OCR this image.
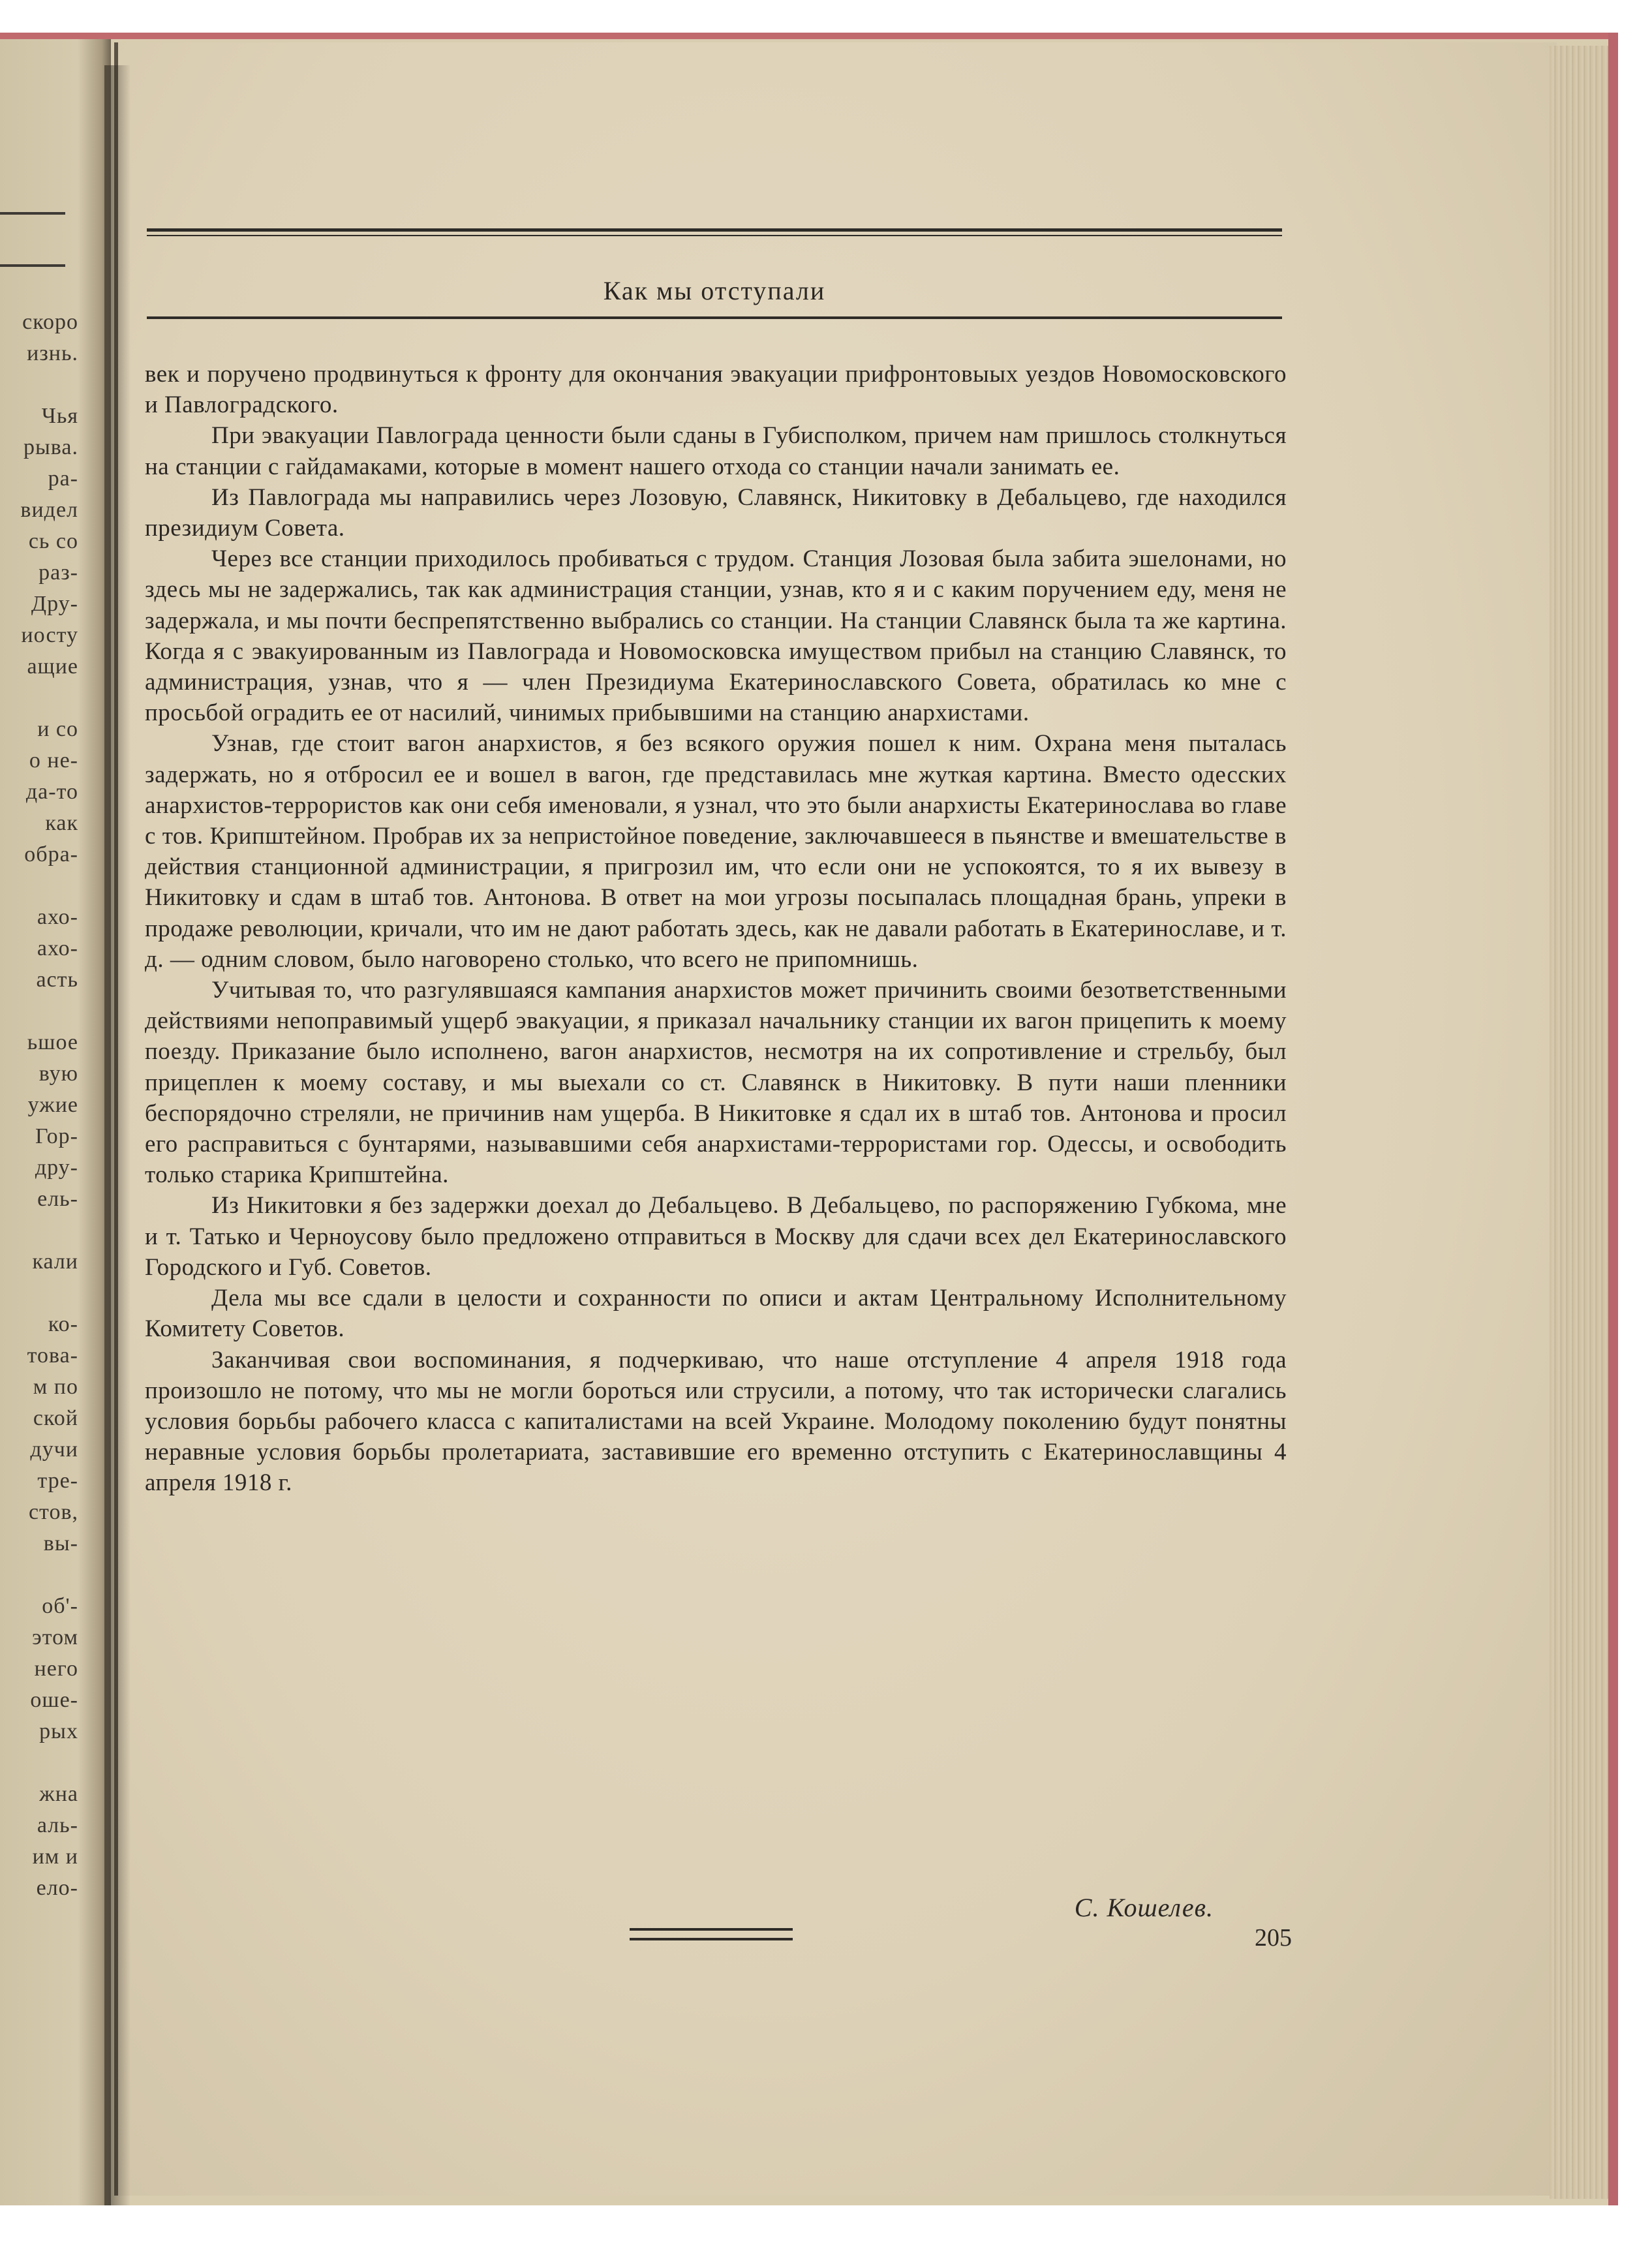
скоро
изнь.
Чья
рыва.
ра-
видел
сь со
раз-
Дру-
иосту
ащие
и со
о не-
да-то
как
обра-
ахо-
ахо-
асть
ьшое
вую
ужие
Гор-
дру-
ель-
кали
ко-
това-
м по
ской
дучи
тре-
стов,
вы-
об'-
этом
него
оше-
рых
жна
аль-
им и
ело-
Как мы отступали

век и поручено продвинуться к фронту для окончания эвакуации прифронтовыых уездов Новомосковского и Павлоградского.

При эвакуации Павлограда ценности были сданы в Губисполком, причем нам пришлось столкнуться на станции с гайдамаками, которые в момент нашего отхода со станции начали занимать ее.

Из Павлограда мы направились через Лозовую, Славянск, Никитовку в Дебальцево, где находился президиум Совета.

Через все станции приходилось пробиваться с трудом. Станция Лозовая была забита эшелонами, но здесь мы не задержались, так как администрация станции, узнав, кто я и с каким поручением еду, меня не задержала, и мы почти беспрепятственно выбрались со станции. На станции Славянск была та же картина. Когда я с эвакуированным из Павлограда и Новомосковска имуществом прибыл на станцию Славянск, то администрация, узнав, что я — член Президиума Екатеринославского Совета, обратилась ко мне с просьбой оградить ее от насилий, чинимых прибывшими на станцию анархистами.

Узнав, где стоит вагон анархистов, я без всякого оружия пошел к ним. Охрана меня пыталась задержать, но я отбросил ее и вошел в вагон, где представилась мне жуткая картина. Вместо одесских анархистов-террористов как они себя именовали, я узнал, что это были анархисты Екатеринослава во главе с тов. Крипштейном. Пробрав их за непристойное поведение, заключавшееся в пьянстве и вмешательстве в действия станционной администрации, я пригрозил им, что если они не успокоятся, то я их вывезу в Никитовку и сдам в штаб тов. Антонова. В ответ на мои угрозы посыпалась площадная брань, упреки в продаже революции, кричали, что им не дают работать здесь, как не давали работать в Екатеринославе, и т. д. — одним словом, было наговорено столько, что всего не припомнишь.

Учитывая то, что разгулявшаяся кампания анархистов может причинить своими безответственными действиями непоправимый ущерб эвакуации, я приказал начальнику станции их вагон прицепить к моему поезду. Приказание было исполнено, вагон анархистов, несмотря на их сопротивление и стрельбу, был прицеплен к моему составу, и мы выехали со ст. Славянск в Никитовку. В пути наши пленники беспорядочно стреляли, не причинив нам ущерба. В Никитовке я сдал их в штаб тов. Антонова и просил его расправиться с бунтарями, называвшими себя анархистами-террористами гор. Одессы, и освободить только старика Крипштейна.

Из Никитовки я без задержки доехал до Дебальцево. В Дебальцево, по распоряжению Губкома, мне и т. Татько и Черноусову было предложено отправиться в Москву для сдачи всех дел Екатеринославского Городского и Губ. Советов.

Дела мы все сдали в целости и сохранности по описи и актам Центральному Исполнительному Комитету Советов.

Заканчивая свои воспоминания, я подчеркиваю, что наше отступление 4 апреля 1918 года произошло не потому, что мы не могли бороться или струсили, а потому, что так исторически слагались условия борьбы рабочего класса с капиталистами на всей Украине. Молодому поколению будут понятны неравные условия борьбы пролетариата, заставившие его временно отступить с Екатеринославщины 4 апреля 1918 г.

С. Кошелев.
205
